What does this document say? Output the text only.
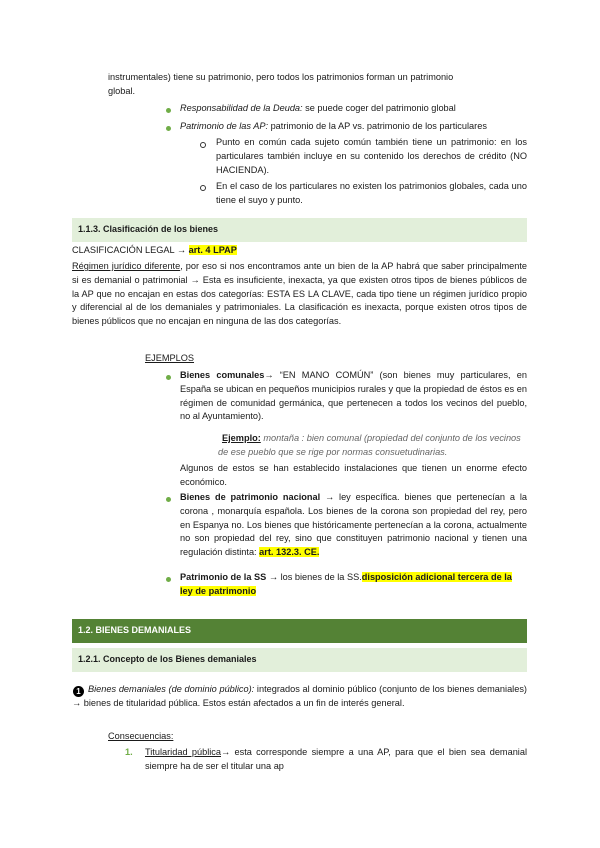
instrumentales) tiene su patrimonio, pero todos los patrimonios forman un patrimonio
global.
Responsabilidad de la Deuda: se puede coger del patrimonio global
Patrimonio de las AP: patrimonio de la AP vs. patrimonio de los particulares
Punto en común cada sujeto común también tiene un patrimonio: en los particulares también incluye en su contenido los derechos de crédito (NO HACIENDA).
En el caso de los particulares no existen los patrimonios globales, cada uno tiene el suyo y punto.
1.1.3. Clasificación de los bienes
CLASIFICACIÓN LEGAL → art. 4 LPAP
Régimen jurídico diferente, por eso si nos encontramos ante un bien de la AP habrá que saber principalmente si es demanial o patrimonial → Esta es insuficiente, inexacta, ya que existen otros tipos de bienes públicos de la AP que no encajan en estas dos categorías: ESTA ES LA CLAVE, cada tipo tiene un régimen jurídico propio y diferencial al de los demaniales y patrimoniales. La clasificación es inexacta, porque existen otros tipos de bienes públicos que no encajan en ninguna de las dos categorías.
EJEMPLOS
Bienes comunales→ “EN MANO COMÚN” (son bienes muy particulares, en España se ubican en pequeños municipios rurales y que la propiedad de éstos es en régimen de comunidad germánica, que pertenecen a todos los vecinos del pueblo, no al Ayuntamiento).
Ejemplo: montaña : bien comunal (propiedad del conjunto de los vecinos de ese pueblo que se rige por normas consuetudinarias.
Algunos de estos se han establecido instalaciones que tienen un enorme efecto económico.
Bienes de patrimonio nacional → ley específica. bienes que pertenecían a la corona , monarquía española. Los bienes de la corona son propiedad del rey, pero en Espanya no. Los bienes que históricamente pertenecían a la corona, actualmente no son propiedad del rey, sino que constituyen patrimonio nacional y tienen una regulación distinta: art. 132.3. CE.
Patrimonio de la SS → los bienes de la SS.disposición adicional tercera de la ley de patrimonio
1.2. BIENES DEMANIALES
1.2.1. Concepto de los Bienes demaniales
1 Bienes demaniales (de dominio público): integrados al dominio público (conjunto de los bienes demaniales) → bienes de titularidad pública. Estos están afectados a un fin de interés general.
Consecuencias:
1. Titularidad pública→ esta corresponde siempre a una AP, para que el bien sea demanial siempre ha de ser el titular una ap
